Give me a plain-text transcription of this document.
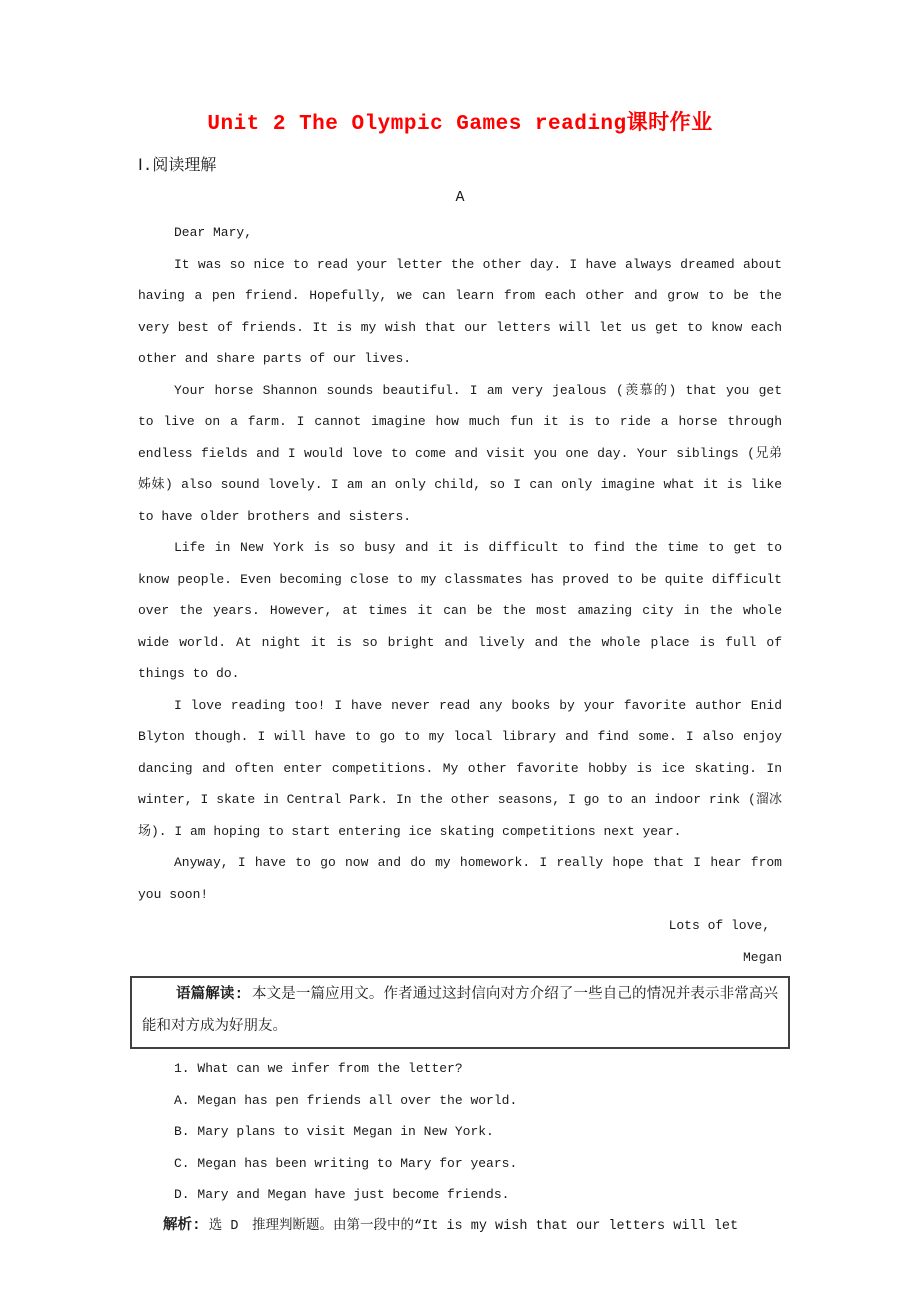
Unit 2 The Olympic Games reading课时作业
Ⅰ.阅读理解
A

Dear Mary,

It was so nice to read your letter the other day. I have always dreamed about having a pen friend. Hopefully, we can learn from each other and grow to be the very best of friends. It is my wish that our letters will let us get to know each other and share parts of our lives.

Your horse Shannon sounds beautiful. I am very jealous (羡慕的) that you get to live on a farm. I cannot imagine how much fun it is to ride a horse through endless fields and I would love to come and visit you one day. Your siblings (兄弟姊妹) also sound lovely. I am an only child, so I can only imagine what it is like to have older brothers and sisters.

Life in New York is so busy and it is difficult to find the time to get to know people. Even becoming close to my classmates has proved to be quite difficult over the years. However, at times it can be the most amazing city in the whole wide world. At night it is so bright and lively and the whole place is full of things to do.

I love reading too! I have never read any books by your favorite author Enid Blyton though. I will have to go to my local library and find some. I also enjoy dancing and often enter competitions. My other favorite hobby is ice skating. In winter, I skate in Central Park. In the other seasons, I go to an indoor rink (溜冰场). I am hoping to start entering ice skating competitions next year.

Anyway, I have to go now and do my homework. I really hope that I hear from you soon!

Lots of love,
Megan
语篇解读: 本文是一篇应用文。作者通过这封信向对方介绍了一些自己的情况并表示非常高兴能和对方成为好朋友。
1. What can we infer from the letter?
A. Megan has pen friends all over the world.
B. Mary plans to visit Megan in New York.
C. Megan has been writing to Mary for years.
D. Mary and Megan have just become friends.
解析: 选 D　推理判断题。由第一段中的“It is my wish that our letters will let
